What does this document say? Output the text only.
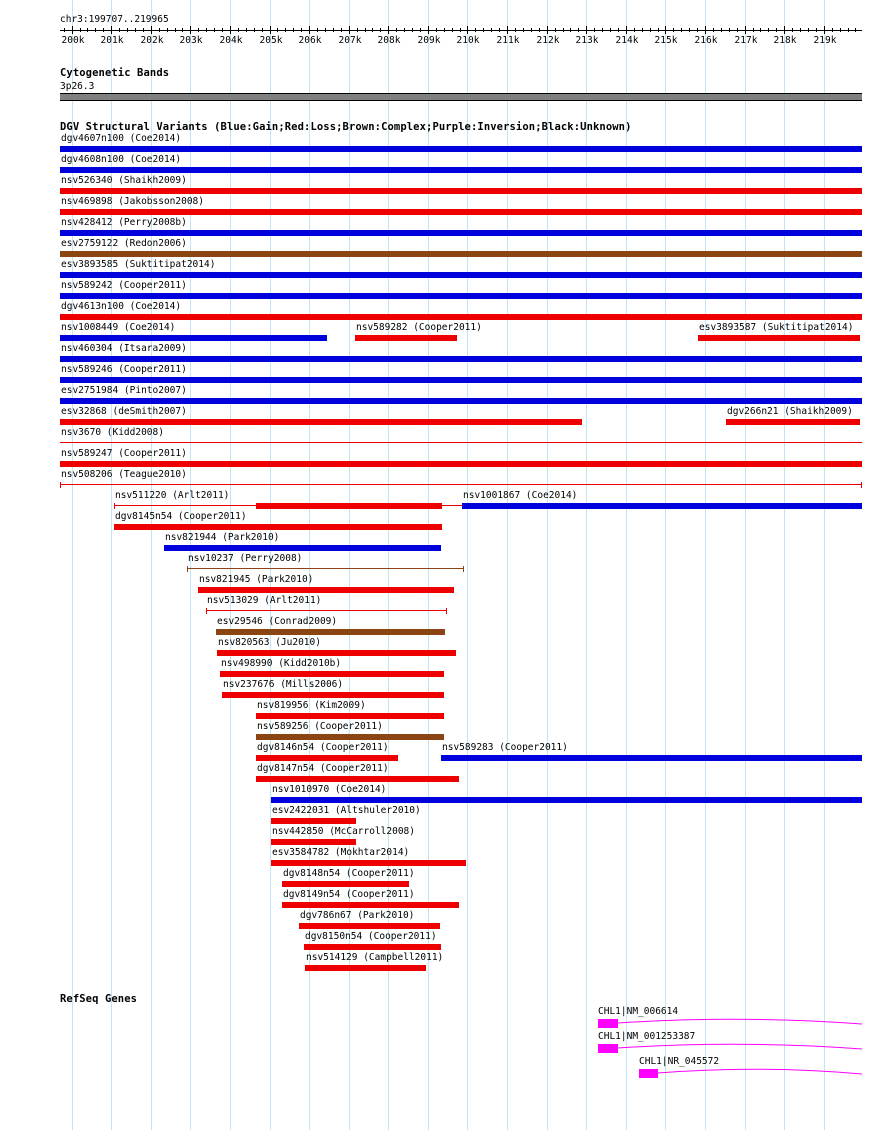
chr3:199707..219965
200k 201k 202k 203k 204k 205k 206k 207k 208k 209k 210k 211k 212k 213k 214k 215k 216k 217k 218k 219k
Cytogenetic Bands
3p26.3
DGV Structural Variants (Blue:Gain;Red:Loss;Brown:Complex;Purple:Inversion;Black:Unknown)
dgv4607n100 (Coe2014)
dgv4608n100 (Coe2014)
nsv526340 (Shaikh2009)
nsv469898 (Jakobsson2008)
nsv428412 (Perry2008b)
esv2759122 (Redon2006)
esv3893585 (Suktitipat2014)
nsv589242 (Cooper2011)
dgv4613n100 (Coe2014)
nsv1008449 (Coe2014)	nsv589282 (Cooper2011)	esv3893587 (Suktitipat2014)
nsv460304 (Itsara2009)
nsv589246 (Cooper2011)
esv2751984 (Pinto2007)
esv32868 (deSmith2007)	dgv266n21 (Shaikh2009)
nsv3670 (Kidd2008)
nsv589247 (Cooper2011)
nsv508206 (Teague2010)
nsv511220 (Arlt2011)	nsv1001867 (Coe2014)
dgv8145n54 (Cooper2011)
nsv821944 (Park2010)
nsv10237 (Perry2008)
nsv821945 (Park2010)
nsv513029 (Arlt2011)
esv29546 (Conrad2009)
nsv820563 (Ju2010)
nsv498990 (Kidd2010b)
nsv237676 (Mills2006)
nsv819956 (Kim2009)
nsv589256 (Cooper2011)
dgv8146n54 (Cooper2011)	nsv589283 (Cooper2011)
dgv8147n54 (Cooper2011)
nsv1010970 (Coe2014)
esv2422031 (Altshuler2010)
nsv442850 (McCarroll2008)
esv3584782 (Mokhtar2014)
dgv8148n54 (Cooper2011)
dgv8149n54 (Cooper2011)
dgv786n67 (Park2010)
dgv8150n54 (Cooper2011)
nsv514129 (Campbell2011)
RefSeq Genes
CHL1|NM_006614
CHL1|NM_001253387
CHL1|NR_045572
